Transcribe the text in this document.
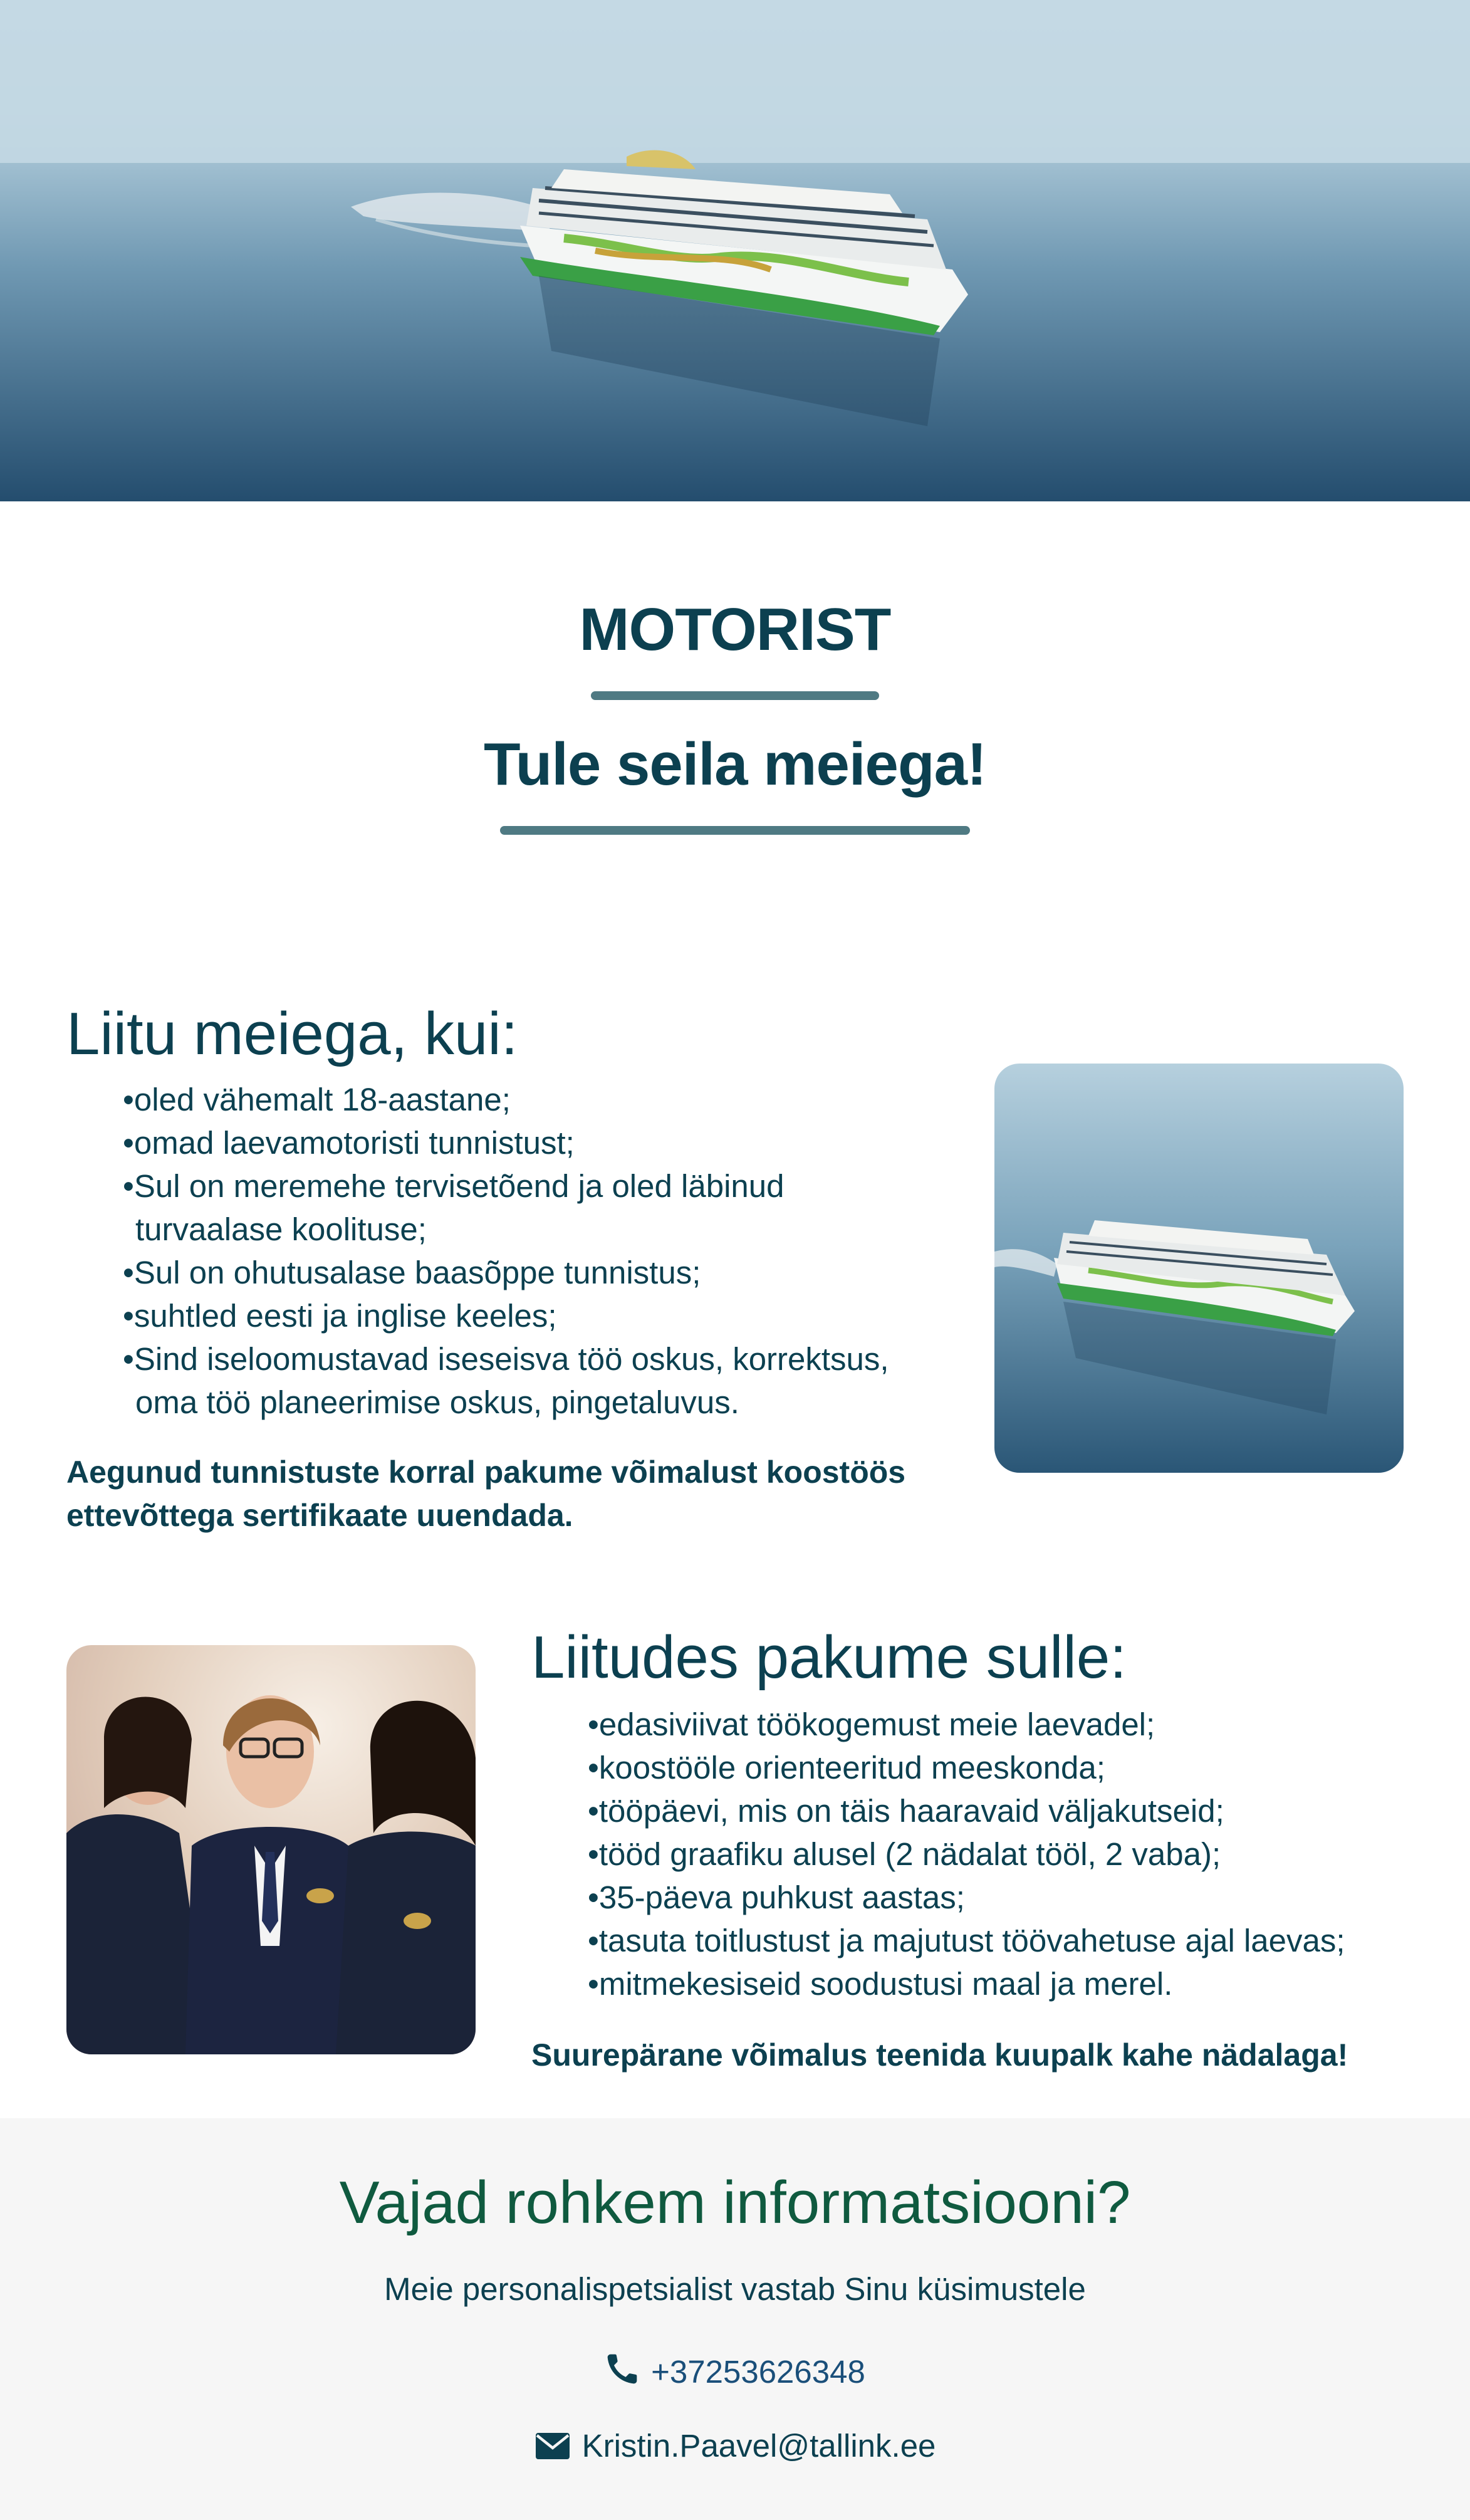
MOTORIST
Tule seila meiega!
Liitu meiega, kui:
• oled vähemalt 18-aastane;
• omad laevamotoristi tunnistust;
• Sul on meremehe tervisetõend ja oled läbinud turvaalase koolituse;
• Sul on ohutusalase baasõppe tunnistus;
• suhtled eesti ja inglise keeles;
• Sind iseloomustavad iseseisva töö oskus, korrektsus, oma töö planeerimise oskus, pingetaluvus.
Aegunud tunnistuste korral pakume võimalust koostöös ettevõttega sertifikaate uuendada.
Liitudes pakume sulle:
• edasiviivat töökogemust meie laevadel;
• koostööle orienteeritud meeskonda;
• tööpäevi, mis on täis haaravaid väljakutseid;
• tööd graafiku alusel (2 nädalat tööl, 2 vaba);
• 35-päeva puhkust aastas;
• tasuta toitlustust ja majutust töövahetuse ajal laevas;
• mitmekesiseid soodustusi maal ja merel.
Suurepärane võimalus teenida kuupalk kahe nädalaga!
Vajad rohkem informatsiooni?
Meie personalispetsialist vastab Sinu küsimustele
+37253626348
Kristin.Paavel@tallink.ee
